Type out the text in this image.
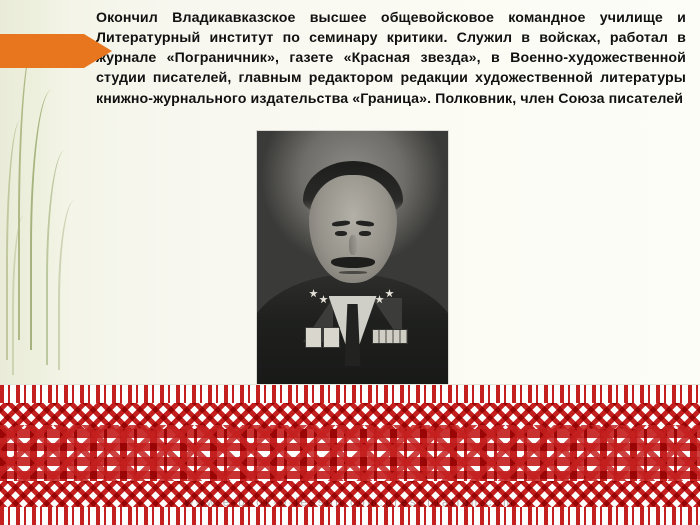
Окончил Владикавказское высшее общевойсковое командное училище и Литературный институт по семинару критики. Служил в войсках, работал в журнале «Пограничник», газете «Красная звезда», в Военно-художественной студии писателей, главным редактором редакции художественной литературы книжно-журнального издательства «Граница». Полковник, член Союза писателей
www.e-book-o-lesson.com.presentation.com
